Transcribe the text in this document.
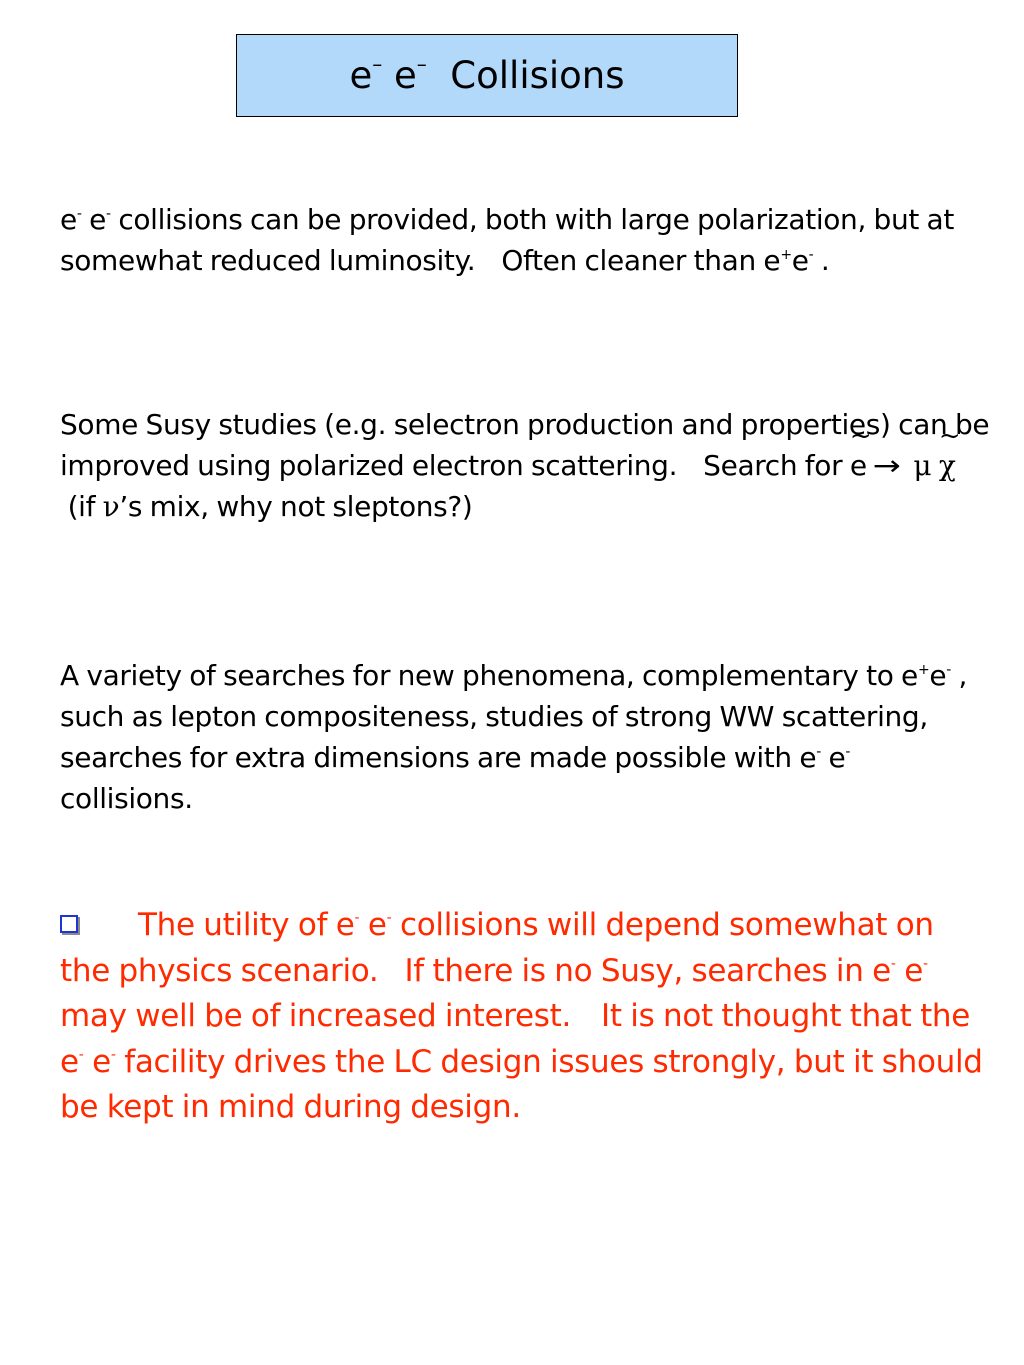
e–
e–
Collisions
e- e- collisions can be provided, both with large polarization, but at somewhat reduced luminosity. Often cleaner than e+e- .
Some Susy studies (e.g. selectron production and properties) can be improved using polarized electron scattering. Search for ~ e → μ ~ χ  (if ν’s mix, why not sleptons?)
A variety of searches for new phenomena, complementary to e+e- , such as lepton compositeness, studies of strong WW scattering, searches for extra dimensions are made possible with e- e- collisions.
The utility of e- e- collisions will depend somewhat on the physics scenario. If there is no Susy, searches in e- e- may well be of increased interest. It is not thought that the e- e- facility drives the LC design issues strongly, but it should be kept in mind during design.
